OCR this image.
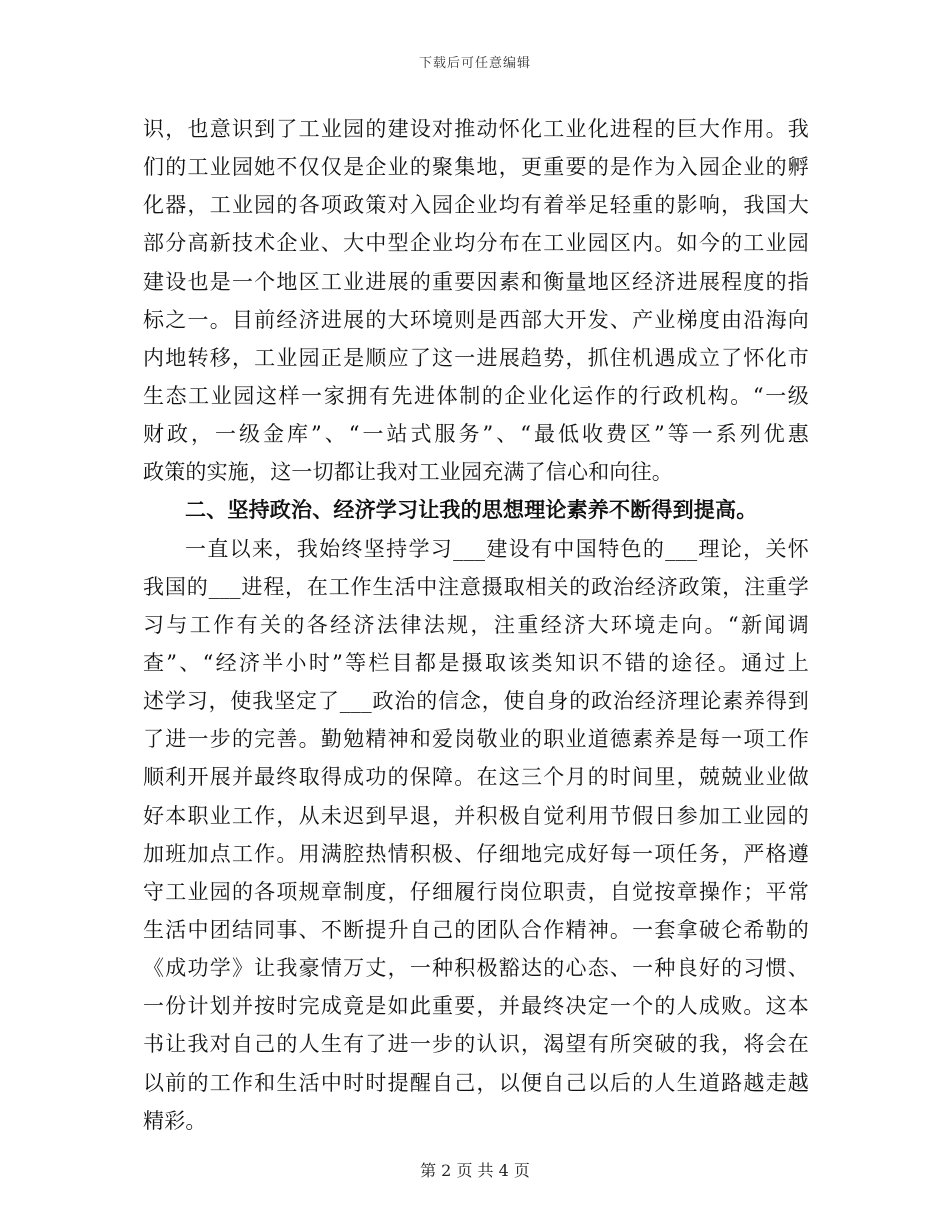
下载后可任意编辑
识，也意识到了工业园的建设对推动怀化工业化进程的巨大作用。我
们的工业园她不仅仅是企业的聚集地，更重要的是作为入园企业的孵
化器，工业园的各项政策对入园企业均有着举足轻重的影响，我国大
部分高新技术企业、大中型企业均分布在工业园区内。如今的工业园
建设也是一个地区工业进展的重要因素和衡量地区经济进展程度的指
标之一。目前经济进展的大环境则是西部大开发、产业梯度由沿海向
内地转移，工业园正是顺应了这一进展趋势，抓住机遇成立了怀化市
生态工业园这样一家拥有先进体制的企业化运作的行政机构。“一级
财政，一级金库”、“一站式服务”、“最低收费区”等一系列优惠
政策的实施，这一切都让我对工业园充满了信心和向往。
二、坚持政治、经济学习让我的思想理论素养不断得到提高。
一直以来，我始终坚持学习___建设有中国特色的___理论，关怀
我国的___进程，在工作生活中注意摄取相关的政治经济政策，注重学
习与工作有关的各经济法律法规，注重经济大环境走向。“新闻调
查”、“经济半小时”等栏目都是摄取该类知识不错的途径。通过上
述学习，使我坚定了___政治的信念，使自身的政治经济理论素养得到
了进一步的完善。勤勉精神和爱岗敬业的职业道德素养是每一项工作
顺利开展并最终取得成功的保障。在这三个月的时间里，兢兢业业做
好本职业工作，从未迟到早退，并积极自觉利用节假日参加工业园的
加班加点工作。用满腔热情积极、仔细地完成好每一项任务，严格遵
守工业园的各项规章制度，仔细履行岗位职责，自觉按章操作；平常
生活中团结同事、不断提升自己的团队合作精神。一套拿破仑希勒的
《成功学》让我豪情万丈，一种积极豁达的心态、一种良好的习惯、
一份计划并按时完成竟是如此重要，并最终决定一个的人成败。这本
书让我对自己的人生有了进一步的认识，渴望有所突破的我，将会在
以前的工作和生活中时时提醒自己，以便自己以后的人生道路越走越
精彩。
第 2 页 共 4 页
